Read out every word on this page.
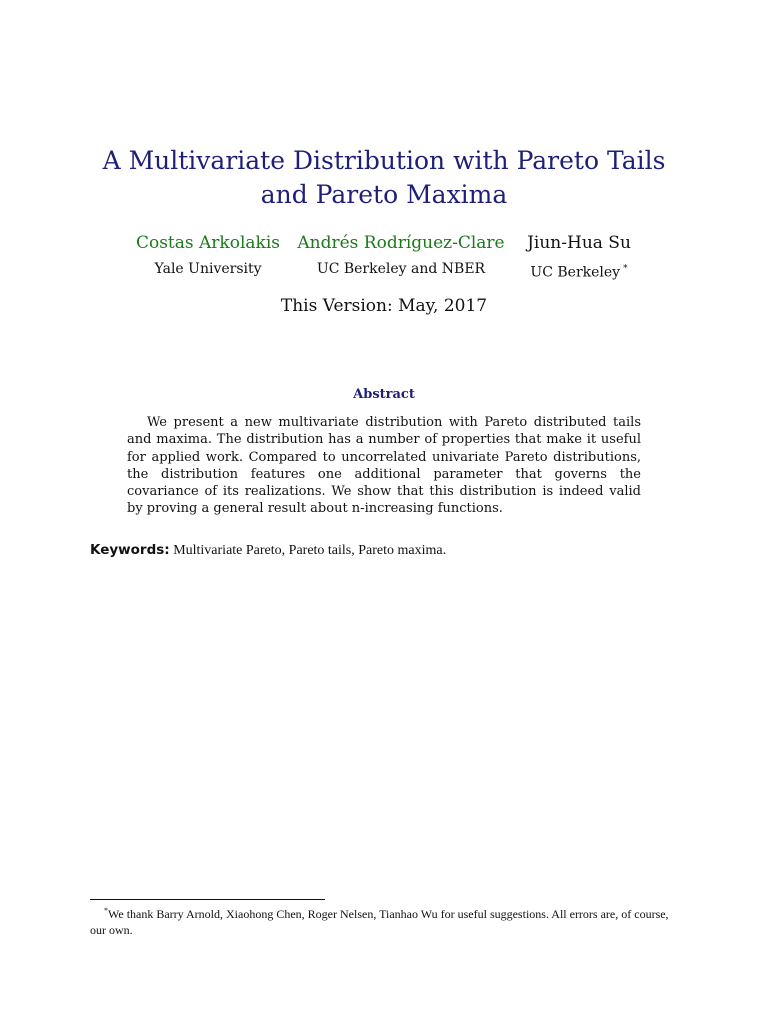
A Multivariate Distribution with Pareto Tails and Pareto Maxima
Costas Arkolakis
Yale University
Andrés Rodríguez-Clare
UC Berkeley and NBER
Jiun-Hua Su
UC Berkeley *
This Version: May, 2017
Abstract
We present a new multivariate distribution with Pareto distributed tails and maxima. The distribution has a number of properties that make it useful for applied work. Compared to uncorrelated univariate Pareto distributions, the distribution features one additional parameter that governs the covariance of its realizations. We show that this distribution is indeed valid by proving a general result about n-increasing functions.
Keywords: Multivariate Pareto, Pareto tails, Pareto maxima.
*We thank Barry Arnold, Xiaohong Chen, Roger Nelsen, Tianhao Wu for useful suggestions. All errors are, of course, our own.
